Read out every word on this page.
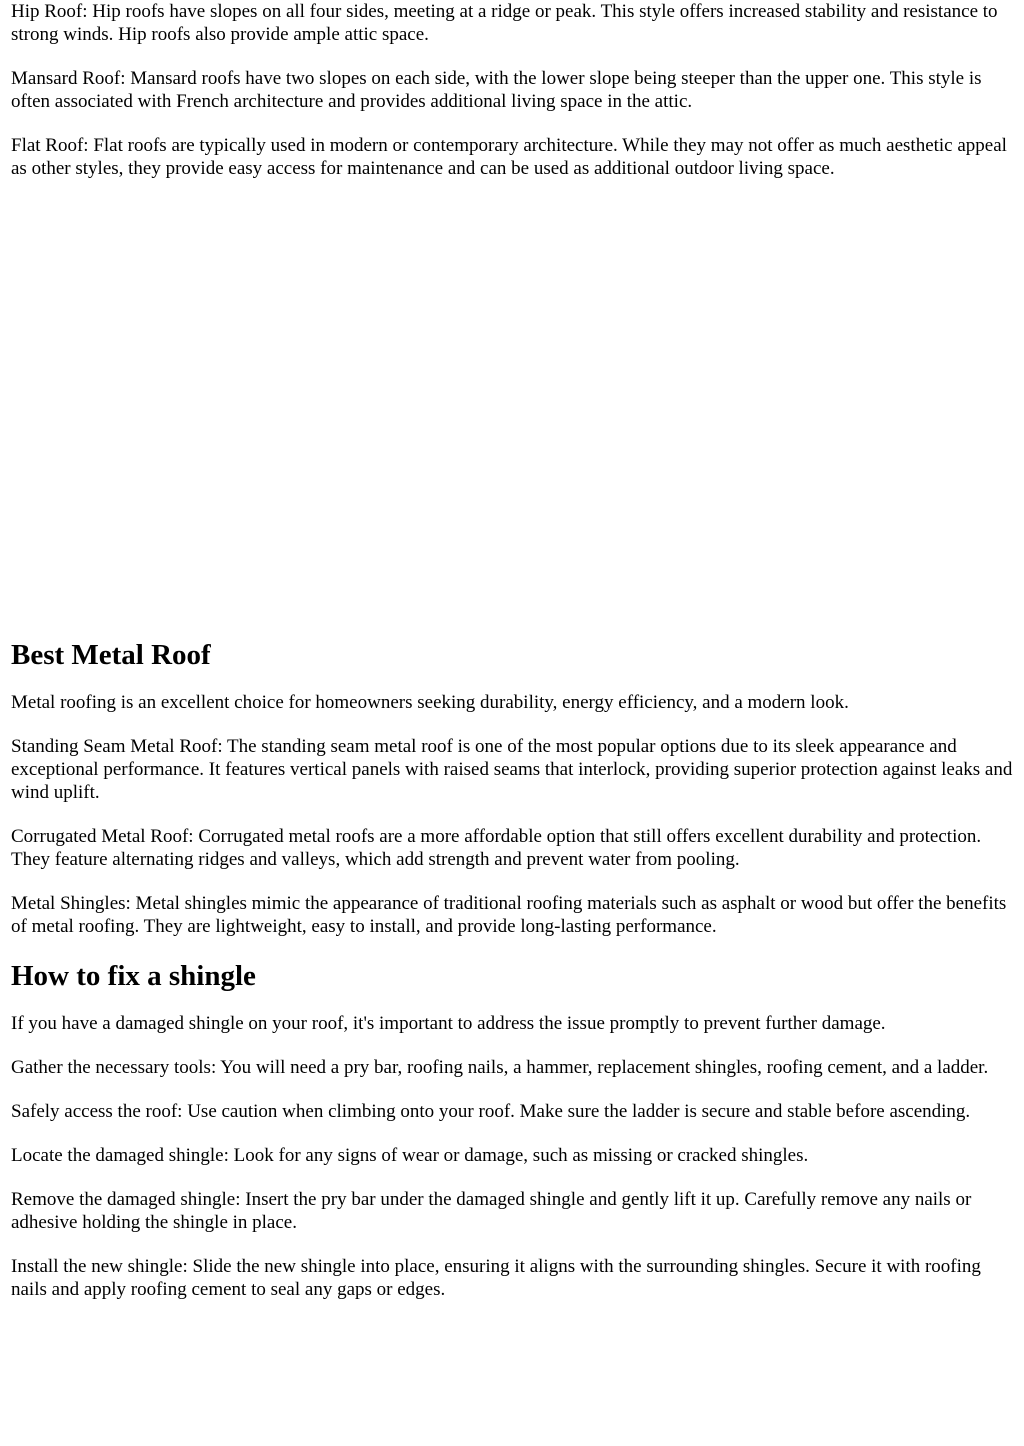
Hip Roof: Hip roofs have slopes on all four sides, meeting at a ridge or peak. This style offers increased stability and resistance to strong winds. Hip roofs also provide ample attic space.

Mansard Roof: Mansard roofs have two slopes on each side, with the lower slope being steeper than the upper one. This style is often associated with French architecture and provides additional living space in the attic.

Flat Roof: Flat roofs are typically used in modern or contemporary architecture. While they may not offer as much aesthetic appeal as other styles, they provide easy access for maintenance and can be used as additional outdoor living space.

Best Metal Roof

Metal roofing is an excellent choice for homeowners seeking durability, energy efficiency, and a modern look.

Standing Seam Metal Roof: The standing seam metal roof is one of the most popular options due to its sleek appearance and exceptional performance. It features vertical panels with raised seams that interlock, providing superior protection against leaks and wind uplift.

Corrugated Metal Roof: Corrugated metal roofs are a more affordable option that still offers excellent durability and protection. They feature alternating ridges and valleys, which add strength and prevent water from pooling.

Metal Shingles: Metal shingles mimic the appearance of traditional roofing materials such as asphalt or wood but offer the benefits of metal roofing. They are lightweight, easy to install, and provide long-lasting performance.

How to fix a shingle

If you have a damaged shingle on your roof, it's important to address the issue promptly to prevent further damage.

Gather the necessary tools: You will need a pry bar, roofing nails, a hammer, replacement shingles, roofing cement, and a ladder.

Safely access the roof: Use caution when climbing onto your roof. Make sure the ladder is secure and stable before ascending.

Locate the damaged shingle: Look for any signs of wear or damage, such as missing or cracked shingles.

Remove the damaged shingle: Insert the pry bar under the damaged shingle and gently lift it up. Carefully remove any nails or adhesive holding the shingle in place.

Install the new shingle: Slide the new shingle into place, ensuring it aligns with the surrounding shingles. Secure it with roofing nails and apply roofing cement to seal any gaps or edges.
